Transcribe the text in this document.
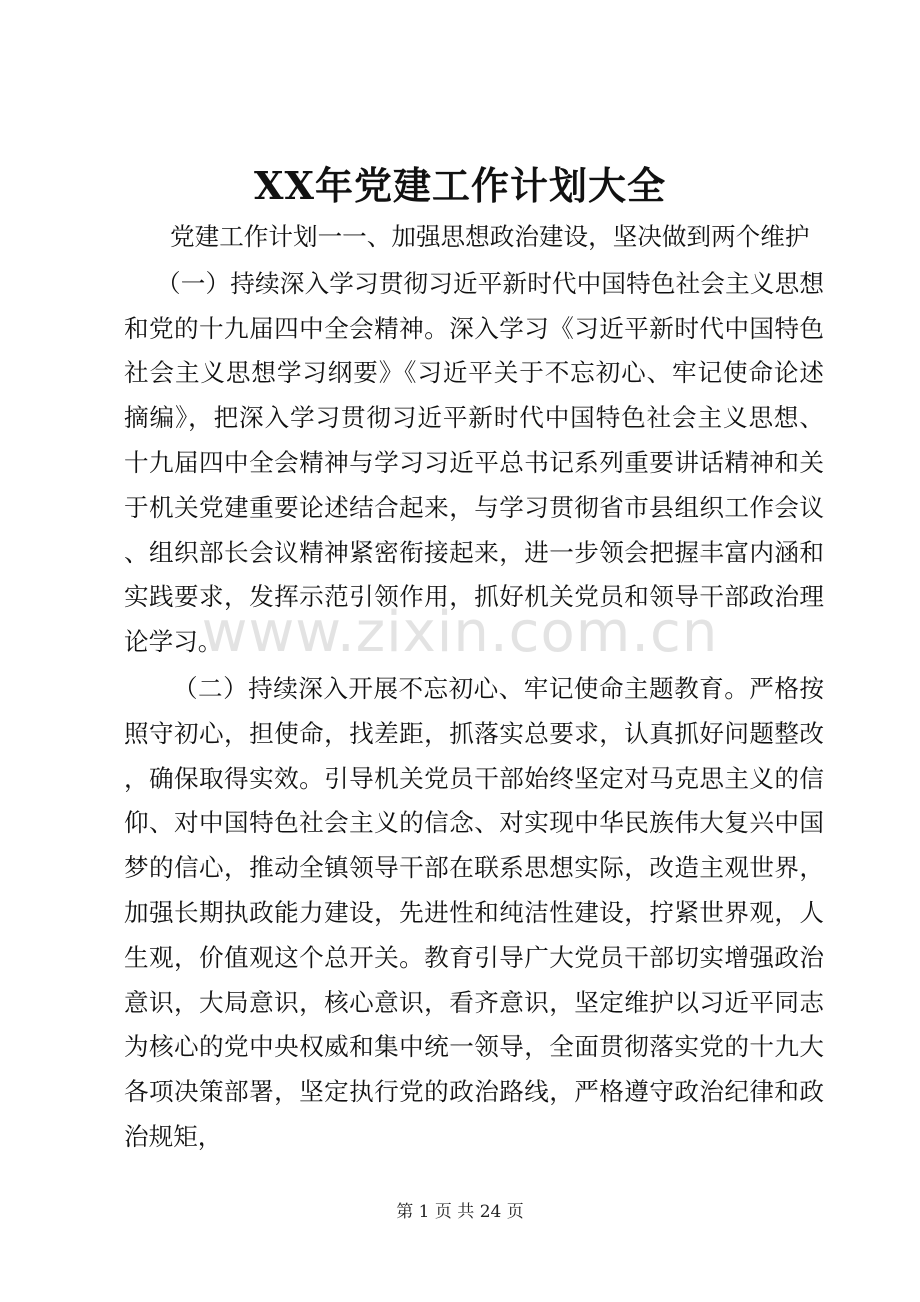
XX年党建工作计划大全

党建工作计划一一、加强思想政治建设，坚决做到两个维护

（一）持续深入学习贯彻习近平新时代中国特色社会主义思想和党的十九届四中全会精神。深入学习《习近平新时代中国特色社会主义思想学习纲要》《习近平关于不忘初心、牢记使命论述摘编》，把深入学习贯彻习近平新时代中国特色社会主义思想、十九届四中全会精神与学习习近平总书记系列重要讲话精神和关于机关党建重要论述结合起来，与学习贯彻省市县组织工作会议、组织部长会议精神紧密衔接起来，进一步领会把握丰富内涵和实践要求，发挥示范引领作用，抓好机关党员和领导干部政治理论学习。

（二）持续深入开展不忘初心、牢记使命主题教育。严格按照守初心，担使命，找差距，抓落实总要求，认真抓好问题整改，确保取得实效。引导机关党员干部始终坚定对马克思主义的信仰、对中国特色社会主义的信念、对实现中华民族伟大复兴中国梦的信心，推动全镇领导干部在联系思想实际，改造主观世界，加强长期执政能力建设，先进性和纯洁性建设，拧紧世界观，人生观，价值观这个总开关。教育引导广大党员干部切实增强政治意识，大局意识，核心意识，看齐意识，坚定维护以习近平同志为核心的党中央权威和集中统一领导，全面贯彻落实党的十九大各项决策部署，坚定执行党的政治路线，严格遵守政治纪律和政治规矩，

www.zixin.com.cn
第 1 页 共 24 页
